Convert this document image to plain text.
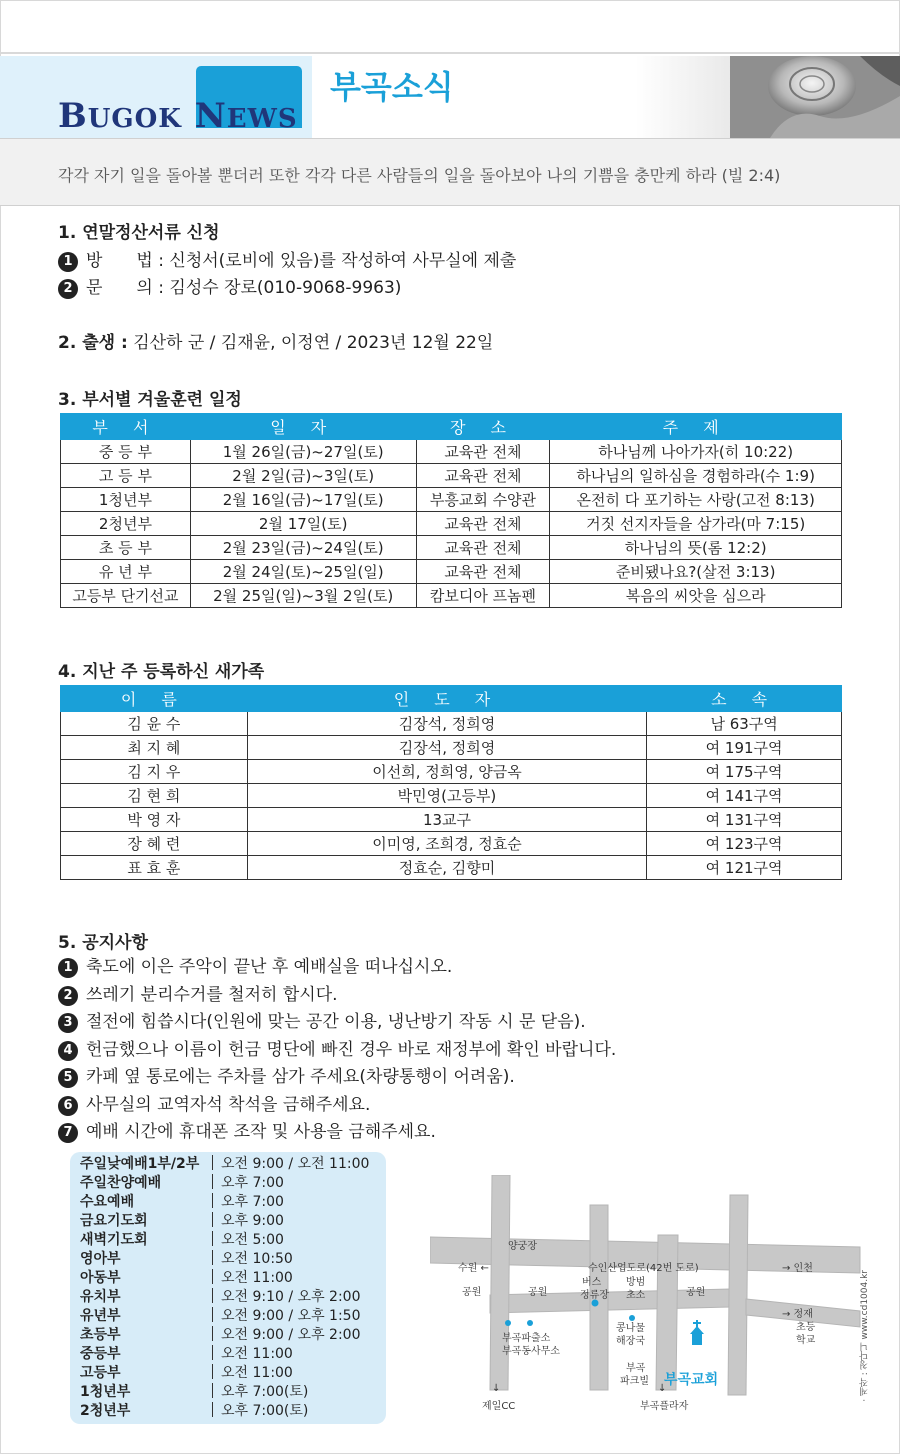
BUGOK NEWS
부곡소식
각각 자기 일을 돌아볼 뿐더러 또한 각각 다른 사람들의 일을 돌아보아 나의 기쁨을 충만케 하라 (빌 2:4)
1. 연말정산서류 신청
1 방　　법 : 신청서(로비에 있음)를 작성하여 사무실에 제출
2 문　　의 : 김성수 장로(010-9068-9963)
2. 출생 : 김산하 군 / 김재윤, 이정연 / 2023년 12월 22일
3. 부서별 겨울훈련 일정
부 서	일 자	장 소	주 제
중 등 부	1월 26일(금)~27일(토)	교육관 전체	하나님께 나아가자(히 10:22)
고 등 부	2월 2일(금)~3일(토)	교육관 전체	하나님의 일하심을 경험하라(수 1:9)
1청년부	2월 16일(금)~17일(토)	부흥교회 수양관	온전히 다 포기하는 사랑(고전 8:13)
2청년부	2월 17일(토)	교육관 전체	거짓 선지자들을 삼가라(마 7:15)
초 등 부	2월 23일(금)~24일(토)	교육관 전체	하나님의 뜻(롬 12:2)
유 년 부	2월 24일(토)~25일(일)	교육관 전체	준비됐나요?(살전 3:13)
고등부 단기선교	2월 25일(일)~3월 2일(토)	캄보디아 프놈펜	복음의 씨앗을 심으라
4. 지난 주 등록하신 새가족
이 름	인 도 자	소 속
김 윤 수	김장석, 정희영	남 63구역
최 지 혜	김장석, 정희영	여 191구역
김 지 우	이선희, 정희영, 양금옥	여 175구역
김 현 희	박민영(고등부)	여 141구역
박 영 자	13교구	여 131구역
장 혜 련	이미영, 조희경, 정효순	여 123구역
표 효 훈	정효순, 김향미	여 121구역
5. 공지사항
1 축도에 이은 주악이 끝난 후 예배실을 떠나십시오.
2 쓰레기 분리수거를 철저히 합시다.
3 절전에 힘씁시다(인원에 맞는 공간 이용, 냉난방기 작동 시 문 닫음).
4 헌금했으나 이름이 헌금 명단에 빠진 경우 바로 재정부에 확인 바랍니다.
5 카페 옆 통로에는 주차를 삼가 주세요(차량통행이 어려움).
6 사무실의 교역자석 착석을 금해주세요.
7 예배 시간에 휴대폰 조작 및 사용을 금해주세요.
주일낮예배1부/2부 오전 9:00 / 오전 11:00
주일찬양예배	오후 7:00
수요예배	오후 7:00
금요기도회	오후 9:00
새벽기도회	오전 5:00
영아부	오전 10:50
아동부	오전 11:00
유치부	오전 9:10 / 오후 2:00
유년부	오전 9:00 / 오후 1:50
초등부	오전 9:00 / 오후 2:00
중등부	오전 11:00
고등부	오전 11:00
1청년부	오후 7:00(토)
2청년부	오후 7:00(토)
양궁장
수원 ←	수인산업도로(42번 도로)	→ 인천
공원	공원	공원
버스
정류장
방범
초소
→ 정재
초등
학교
부곡파출소
부곡동사무소
콩나물
해장국
부곡교회
부곡
파크빌
↓
제일CC
↓
부곡플라자
· 제작 : 청다니 www.cd1004.kr
